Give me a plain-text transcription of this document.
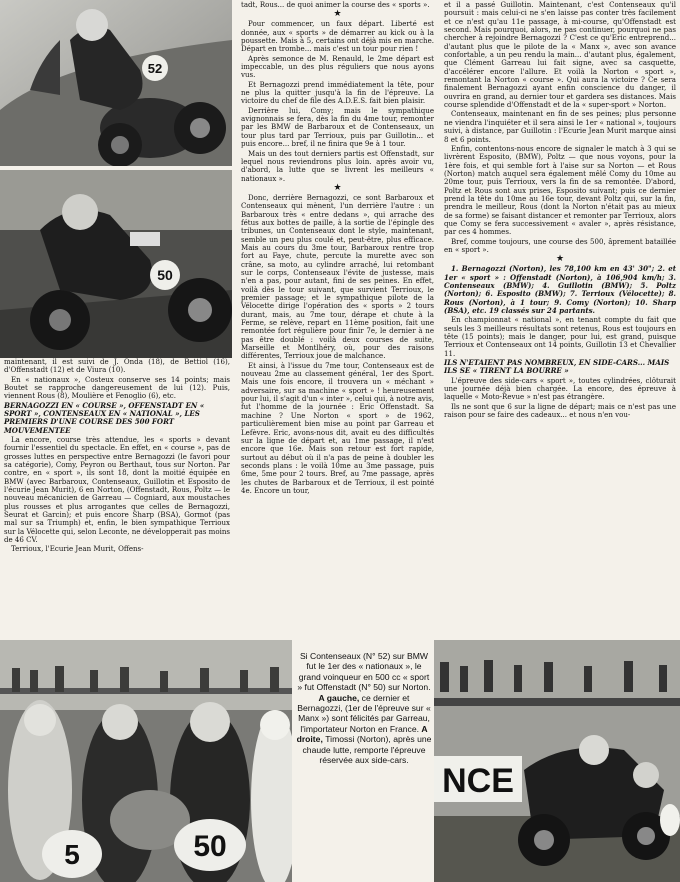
52
50
5	50
NCE

maintenant, il est suivi de J. Onda (18), de Bettiol (16), d'Offenstadt (12) et de Viura (10).

En « nationaux », Costeux conserve ses 14 points; mais Boutet se rapproche dangereusement de lui (12). Puis, viennent Rous (8), Moulière et Fenoglio (6), etc.

BERNAGOZZI EN « COURSE », OFFENSTADT EN « SPORT », CONTENSEAUX EN « NATIONAL », LES PREMIERS D'UNE COURSE DES 500 FORT MOUVEMENTEE

La encore, course très attendue, les « sports » devant fournir l'essentiel du spectacle. En effet, en « course », pas de grosses luttes en perspective entre Bernagozzi (le favori pour sa catégorie), Comy, Peyron ou Berthaut, tous sur Norton. Par contre, en « sport », ils sont 18, dont la moitié équipée en BMW (avec Barbaroux, Contenseaux, Guillotin et Esposito de l'écurie Jean Murit), 6 en Norton, (Offenstadt, Rous, Poltz — le nouveau mécanicien de Garreau — Cogniard, aux moustaches plus rousses et plus arrogantes que celles de Bernagozzi, Seurat et Garcin); et puis encore Sharp (BSA), Gormot (pas mal sur sa Triumph) et, enfin, le bien sympathique Terrioux sur la Vélocette qui, selon Leconte, ne développerait pas moins de 46 CV.

Terrioux, l'Ecurie Jean Murit, Offens-

tadt, Rous... de quoi animer la course des « sports ».

★

Pour commencer, un faux départ. Liberté est donnée, aux « sports » de démarrer au kick ou à la poussette. Mais à 5, certains ont déjà mis en marche. Départ en trombe... mais c'est un tour pour rien !

Après semonce de M. Renauld, le 2me départ est impeccable, un des plus réguliers que nous ayons vus.

Et Bernagozzi prend immédiatement la tête, pour ne plus la quitter jusqu'à la fin de l'épreuve. La victoire du chef de file des A.D.E.S. fait bien plaisir.

Derrière lui, Comy; mais le sympathique avignonnais se fera, dès la fin du 4me tour, remonter par les BMW de Barbaroux et de Contenseaux, un tour plus tard par Terrioux, puis par Guillotin... et puis encore... bref, il ne finira que 9e à 1 tour.

Mais un des tout derniers partis est Offenstadt, sur lequel nous reviendrons plus loin. après avoir vu, d'abord, la lutte que se livrent les meilleurs « nationaux ».

★

Donc, derrière Bernagozzi, ce sont Barbaroux et Contenseaux qui mènent, l'un derrière l'autre : un Barbaroux très « entre dedans », qui arrache des fétus aux bottes de paille, à la sortie de l'épingle des tribunes, un Contenseaux dont le style, maintenant, semble un peu plus coulé et, peut-être, plus efficace. Mais au cours du 3me tour, Barbaroux rentre trop fort au Faye, chute, percute la murette avec son crâne, sa moto, au cylindre arraché, lui retombant sur le corps, Contenseaux l'évite de justesse, mais n'en a pas, pour autant, fini de ses peines. En effet, voilà dès le tour suivant, que survient Terrioux, le premier passage; et le sympathique pilote de la Vélocette dirige l'opération des « sports » 2 tours durant, mais, au 7me tour, dérape et chute à la Ferme, se relève, repart en 11ème position, fait une remontée fort régulière pour finir 7e, le dernier à ne pas être doublé : voilà deux courses de suite, Marseille et Montlhéry, où, pour des raisons différentes, Terrioux joue de malchance.

Et ainsi, à l'issue du 7me tour, Contenseaux est de nouveau 2me au classement général, 1er des Sport. Mais une fois encore, il trouvera un « méchant » adversaire, sur sa machine « sport » ! heureusement pour lui, il s'agit d'un « inter », celui qui, à notre avis, fut l'homme de la journée : Eric Offenstadt. Sa machine ? Une Norton « sport » de 1962, particulièrement bien mise au point par Garreau et Lefèvre. Eric, avons-nous dit, avait eu des difficultés sur la ligne de départ et, au 1me passage, il n'est encore que 16e. Mais son retour est fort rapide, surtout au début où il n'a pas de peine à doubler les seconds plans : le voilà 10me au 3me passage, puis 6me, 5me pour 2 tours. Bref, au 7me passage, après les chutes de Barbaroux et de Terrioux, il est pointé 4e. Encore un tour,

et il a passé Guillotin. Maintenant, c'est Contenseaux qu'il poursuit : mais celui-ci ne s'en laisse pas conter très facilement et ce n'est qu'au 11e passage, à mi-course, qu'Offenstadt est second. Mais pourquoi, alors, ne pas continuer, pourquoi ne pas chercher à rejoindre Bernagozzi ? C'est ce qu'Eric entreprend... d'autant plus que le pilote de la « Manx », avec son avance confortable, a un peu rendu la main... d'autant plus, également, que Clément Garreau lui fait signe, avec sa casquette, d'accélérer encore l'allure. Et voilà la Norton « sport », remontant la Norton « course ». Qui aura la victoire ? Ce sera finalement Bernagozzi ayant enfin conscience du danger, il ouvrira en grand, au dernier tour et gardera ses distances. Mais course splendide d'Offenstadt et de la « super-sport » Norton.

Contenseaux, maintenant en fin de ses peines; plus personne ne viendra l'inquiéter et il sera ainsi le 1er « national », toujours suivi, à distance, par Guillotin : l'Ecurie Jean Murit marque ainsi 8 et 6 points.

Enfin, contentons-nous encore de signaler le match à 3 qui se livrèrent Esposito, (BMW), Poltz — que nous voyons, pour la 1ère fois, et qui semble fort à l'aise sur sa Norton — et Rous (Norton) match auquel sera également mêlé Comy du 10me au 20me tour, puis Terrioux, vers la fin de sa remontée. D'abord, Poltz et Rous sont aux prises, Esposito suivant; puis ce dernier prend la tête du 10me au 16e tour, devant Poltz qui, sur la fin, prendra le meilleur, Rous (dont la Norton n'était pas au mieux de sa forme) se faisant distancer et remonter par Terrioux, alors que Comy se fera successivement « avaler », après résistance, par ces 4 hommes.

Bref, comme toujours, une course des 500, âprement bataillée en « sport ».

★

1. Bernagozzi (Norton), les 78,100 km en 43' 30"; 2. et 1er « sport » : Offenstadt (Norton), à 106,904 km/h; 3. Contenseaux (BMW); 4. Guillotin (BMW); 5. Poltz (Norton); 6. Esposito (BMW); 7. Terrioux (Vélocette); 8. Rous (Norton), à 1 tour; 9. Comy (Norton); 10. Sharp (BSA), etc. 19 classés sur 24 partants.

En championnat « national », en tenant compte du fait que seuls les 3 meilleurs résultats sont retenus, Rous est toujours en tête (15 points); mais le danger, pour lui, est grand, puisque Terrioux et Contenseaux ont 14 points, Guillotin 13 et Chevallier 11.

ILS N'ETAIENT PAS NOMBREUX, EN SIDE-CARS... MAIS ILS SE « TIRENT LA BOURRE »

L'épreuve des side-cars « sport », toutes cylindrées, clôturait une journée déjà bien chargée. La encore, des épreuve à laquelle « Moto-Revue » n'est pas étrangère.

Ils ne sont que 6 sur la ligne de départ; mais ce n'est pas une raison pour se faire des cadeaux... et nous n'en vou-

Si Contenseaux (N° 52) sur BMW fut le 1er des « nationaux », le grand voinqueur en 500 cc « sport » fut Offenstadt (N° 50) sur Norton. A gauche, ce dernier et Bernagozzi, (1er de l'épreuve sur « Manx ») sont félicités par Garreau, l'importateur Norton en France. A droite, Timossi (Norton), après une chaude lutte, remporte l'épreuve réservée aux side-cars.
